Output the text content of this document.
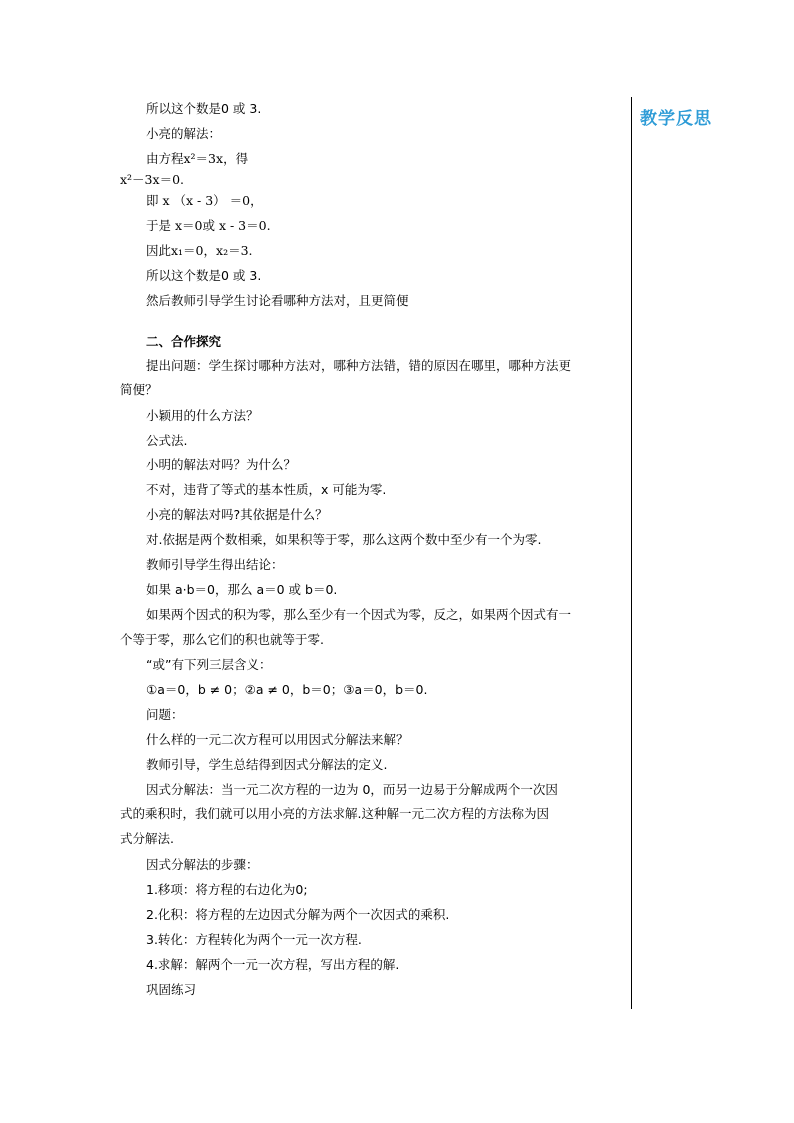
教学反思
所以这个数是0 或 3.
小亮的解法：
由方程x²＝3x，得
x²－3x＝0.
即 x （x - 3） ＝0，
于是 x＝0或 x - 3＝0.
因此x₁＝0，x₂＝3.
所以这个数是0 或 3.
然后教师引导学生讨论看哪种方法对，且更简便
二、合作探究
提出问题：学生探讨哪种方法对，哪种方法错，错的原因在哪里，哪种方法更
简便？
小颖用的什么方法？
公式法.
小明的解法对吗？为什么？
不对，违背了等式的基本性质，x 可能为零.
小亮的解法对吗?其依据是什么？
对.依据是两个数相乘，如果积等于零，那么这两个数中至少有一个为零.
教师引导学生得出结论：
如果 a·b＝0，那么 a＝0 或 b＝0.
如果两个因式的积为零，那么至少有一个因式为零，反之，如果两个因式有一
个等于零，那么它们的积也就等于零.
“或”有下列三层含义：
①a＝0，b ≠ 0；②a ≠ 0，b＝0；③a＝0，b＝0.
问题：
什么样的一元二次方程可以用因式分解法来解？
教师引导，学生总结得到因式分解法的定义.
因式分解法：当一元二次方程的一边为 0，而另一边易于分解成两个一次因
式的乘积时，我们就可以用小亮的方法求解.这种解一元二次方程的方法称为因
式分解法.
因式分解法的步骤：
1.移项：将方程的右边化为0;
2.化积：将方程的左边因式分解为两个一次因式的乘积.
3.转化：方程转化为两个一元一次方程.
4.求解：解两个一元一次方程，写出方程的解.
巩固练习
